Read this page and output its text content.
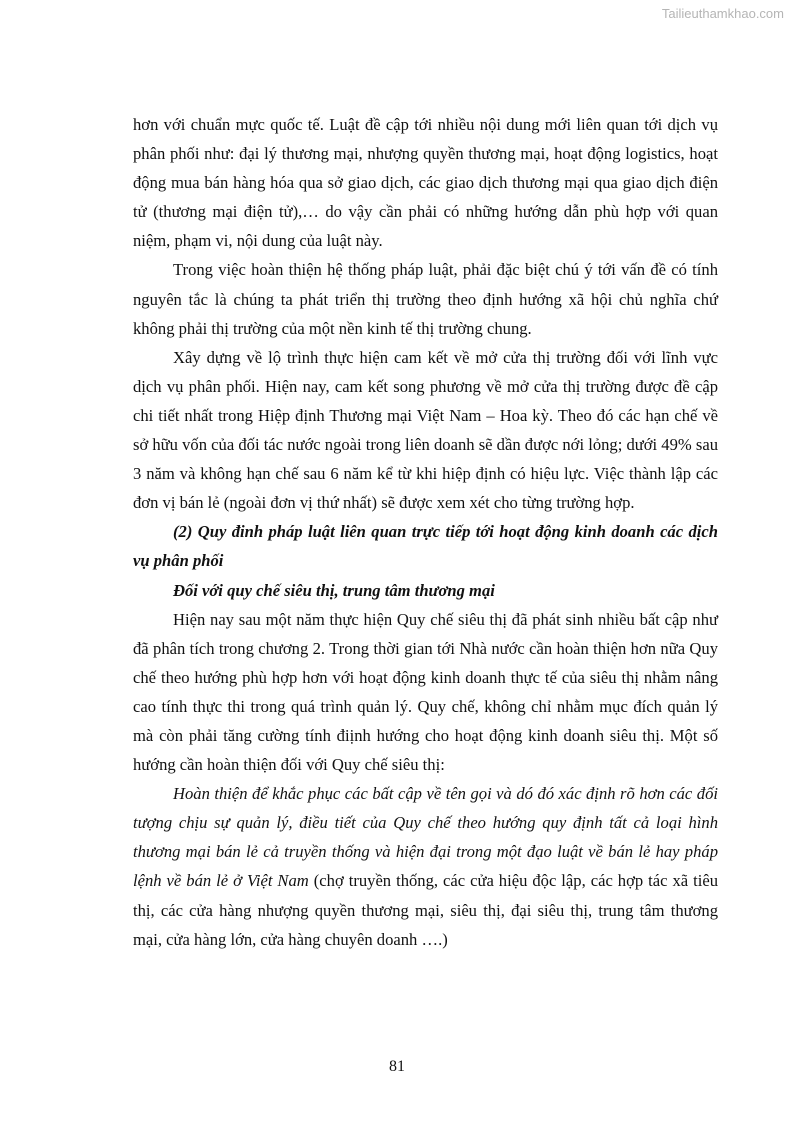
Tailieuthamkhao.com

hơn với chuẩn mực quốc tế. Luật đề cập tới nhiều nội dung mới liên quan tới dịch vụ phân phối như: đại lý thương mại, nhượng quyền thương mại, hoạt động logistics, hoạt động mua bán hàng hóa qua sở giao dịch, các giao dịch thương mại qua giao dịch điện tử (thương mại điện tử),… do vậy cần phải có những hướng dẫn phù hợp với quan niệm, phạm vi, nội dung của luật này.

Trong việc hoàn thiện hệ thống pháp luật, phải đặc biệt chú ý tới vấn đề có tính nguyên tắc là chúng ta phát triển thị trường theo định hướng xã hội chủ nghĩa chứ không phải thị trường của một nền kinh tế thị trường chung.

Xây dựng về lộ trình thực hiện cam kết về mở cửa thị trường đối với lĩnh vực dịch vụ phân phối. Hiện nay, cam kết song phương về mở cửa thị trường được đề cập chi tiết nhất trong Hiệp định Thương mại Việt Nam – Hoa kỳ. Theo đó các hạn chế về sở hữu vốn của đối tác nước ngoài trong liên doanh sẽ dần được nới lỏng; dưới 49% sau 3 năm và không hạn chế sau 6 năm kể từ khi hiệp định có hiệu lực. Việc thành lập các đơn vị bán lẻ (ngoài đơn vị thứ nhất) sẽ được xem xét cho từng trường hợp.

(2) Quy đinh pháp luật liên quan trực tiếp tới hoạt động kinh doanh các dịch vụ phân phối

Đối với quy chế siêu thị, trung tâm thương mại

Hiện nay sau một năm thực hiện Quy chế siêu thị đã phát sinh nhiều bất cập như đã phân tích trong chương 2. Trong thời gian tới Nhà nước cần hoàn thiện hơn nữa Quy chế theo hướng phù hợp hơn với hoạt động kinh doanh thực tế của siêu thị nhằm nâng cao tính thực thi trong quá trình quản lý. Quy chế, không chỉ nhằm mục đích quản lý mà còn phải tăng cường tính điịnh hướng cho hoạt động kinh doanh siêu thị. Một số hướng cần hoàn thiện đối với Quy chế siêu thị:

Hoàn thiện để khắc phục các bất cập về tên gọi và dó đó xác định rõ hơn các đối tượng chịu sự quản lý, điều tiết của Quy chế theo hướng quy định tất cả loại hình thương mại bán lẻ cả truyền thống và hiện đại trong một đạo luật về bán lẻ hay pháp lệnh về bán lẻ ở Việt Nam (chợ truyền thống, các cửa hiệu độc lập, các hợp tác xã tiêu thị, các cửa hàng nhượng quyền thương mại, siêu thị, đại siêu thị, trung tâm thương mại, cửa hàng lớn, cửa hàng chuyên doanh ….)

81
